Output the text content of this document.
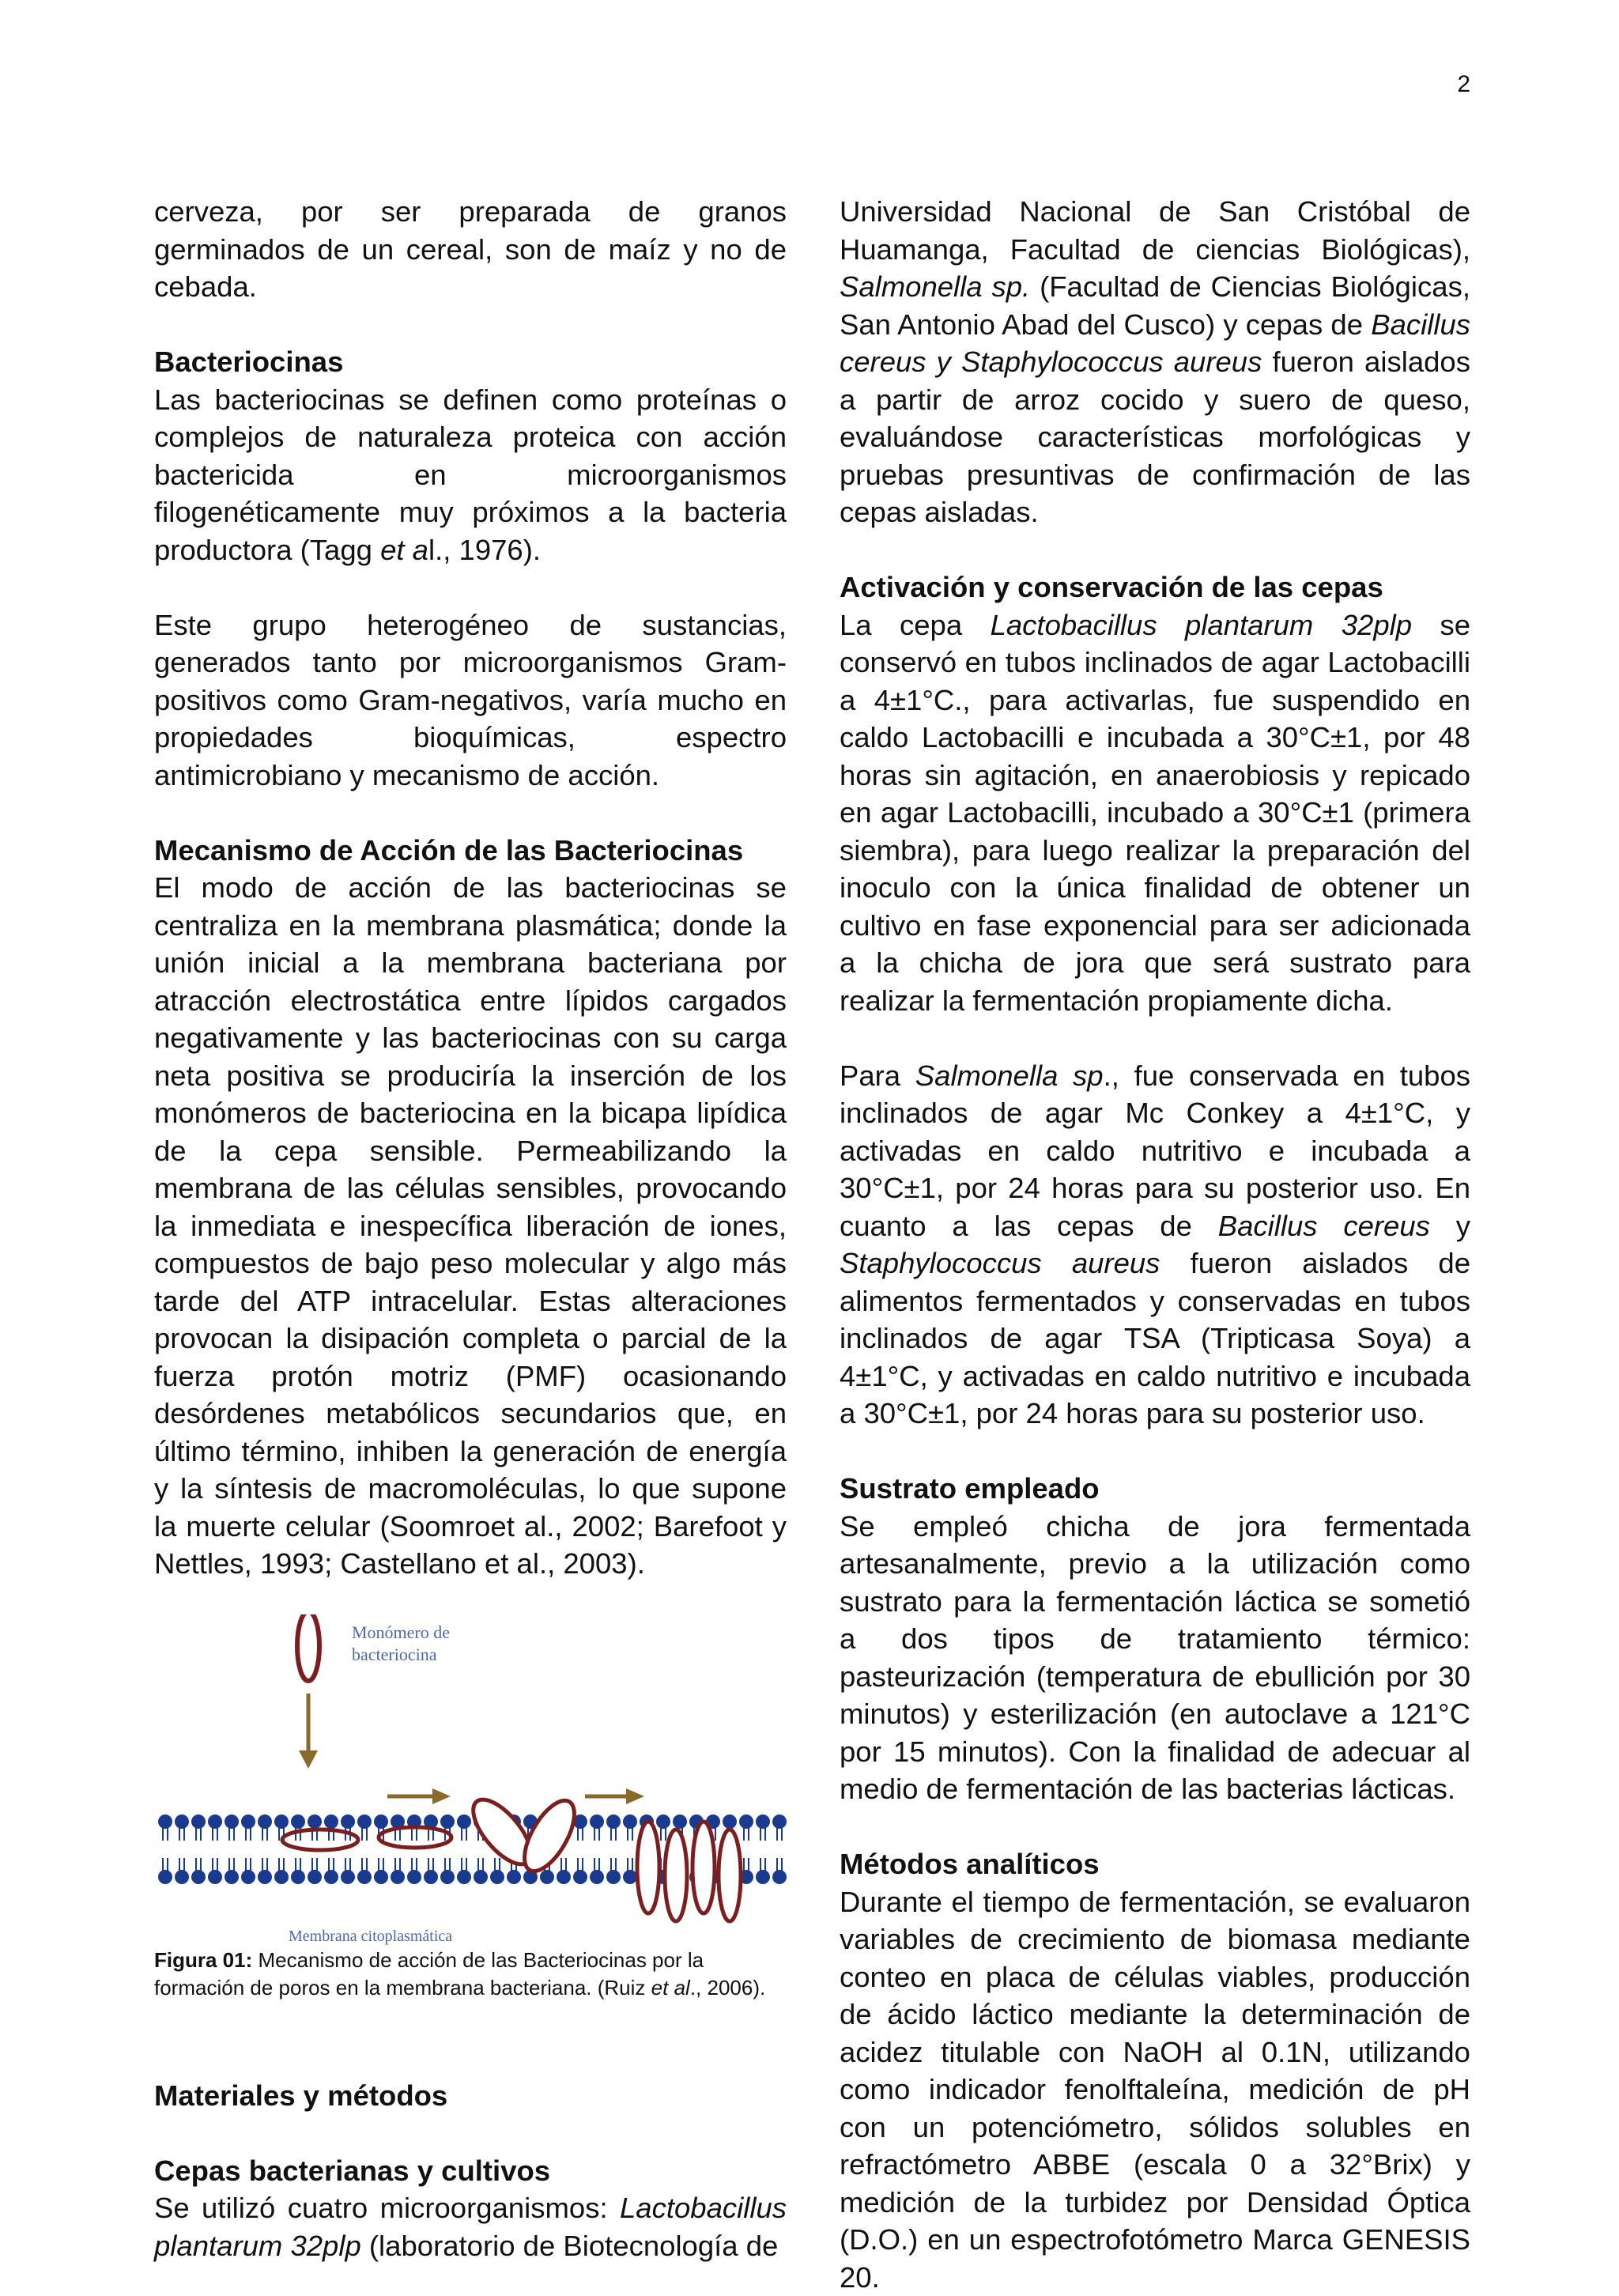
2

cerveza, por ser preparada de granos germinados de un cereal, son de maíz y no de cebada.

Bacteriocinas

Las bacteriocinas se definen como proteínas o complejos de naturaleza proteica con acción bactericida en microorganismos filogenéticamente muy próximos a la bacteria productora (Tagg et al., 1976).

Este grupo heterogéneo de sustancias, generados tanto por microorganismos Gram-positivos como Gram-negativos, varía mucho en propiedades bioquímicas, espectro antimicrobiano y mecanismo de acción.

Mecanismo de Acción de las Bacteriocinas

El modo de acción de las bacteriocinas se centraliza en la membrana plasmática; donde la unión inicial a la membrana bacteriana por atracción electrostática entre lípidos cargados negativamente y las bacteriocinas con su carga neta positiva se produciría la inserción de los monómeros de bacteriocina en la bicapa lipídica de la cepa sensible. Permeabilizando la membrana de las células sensibles, provocando la inmediata e inespecífica liberación de iones, compuestos de bajo peso molecular y algo más tarde del ATP intracelular. Estas alteraciones provocan la disipación completa o parcial de la fuerza protón motriz (PMF) ocasionando desórdenes metabólicos secundarios que, en último término, inhiben la generación de energía y la síntesis de macromoléculas, lo que supone la muerte celular (Soomroet al., 2002; Barefoot y Nettles, 1993; Castellano et al., 2003).

Monómero de
bacteriocina
Membrana citoplasmática

Figura 01: Mecanismo de acción de las Bacteriocinas por la formación de poros en la membrana bacteriana. (Ruiz et al., 2006).

Materiales y métodos
Cepas bacterianas y cultivos

Se utilizó cuatro microorganismos: Lactobacillus plantarum 32plp (laboratorio de Biotecnología de

Universidad Nacional de San Cristóbal de Huamanga, Facultad de ciencias Biológicas), Salmonella sp. (Facultad de Ciencias Biológicas, San Antonio Abad del Cusco) y cepas de Bacillus cereus y Staphylococcus aureus fueron aislados a partir de arroz cocido y suero de queso, evaluándose características morfológicas y pruebas presuntivas de confirmación de las cepas aisladas.

Activación y conservación de las cepas

La cepa Lactobacillus plantarum 32plp se conservó en tubos inclinados de agar Lactobacilli a 4±1°C., para activarlas, fue suspendido en caldo Lactobacilli e incubada a 30°C±1, por 48 horas sin agitación, en anaerobiosis y repicado en agar Lactobacilli, incubado a 30°C±1 (primera siembra), para luego realizar la preparación del inoculo con la única finalidad de obtener un cultivo en fase exponencial para ser adicionada a la chicha de jora que será sustrato para realizar la fermentación propiamente dicha.

Para Salmonella sp., fue conservada en tubos inclinados de agar Mc Conkey a 4±1°C, y activadas en caldo nutritivo e incubada a 30°C±1, por 24 horas para su posterior uso. En cuanto a las cepas de Bacillus cereus y Staphylococcus aureus fueron aislados de alimentos fermentados y conservadas en tubos inclinados de agar TSA (Tripticasa Soya) a 4±1°C, y activadas en caldo nutritivo e incubada a 30°C±1, por 24 horas para su posterior uso.

Sustrato empleado

Se empleó chicha de jora fermentada artesanalmente, previo a la utilización como sustrato para la fermentación láctica se sometió a dos tipos de tratamiento térmico: pasteurización (temperatura de ebullición por 30 minutos) y esterilización (en autoclave a 121°C por 15 minutos). Con la finalidad de adecuar al medio de fermentación de las bacterias lácticas.

Métodos analíticos

Durante el tiempo de fermentación, se evaluaron variables de crecimiento de biomasa mediante conteo en placa de células viables, producción de ácido láctico mediante la determinación de acidez titulable con NaOH al 0.1N, utilizando como indicador fenolftaleína, medición de pH con un potenciómetro, sólidos solubles en refractómetro ABBE (escala 0 a 32°Brix) y medición de la turbidez por Densidad Óptica (D.O.) en un espectrofotómetro Marca GENESIS 20.
